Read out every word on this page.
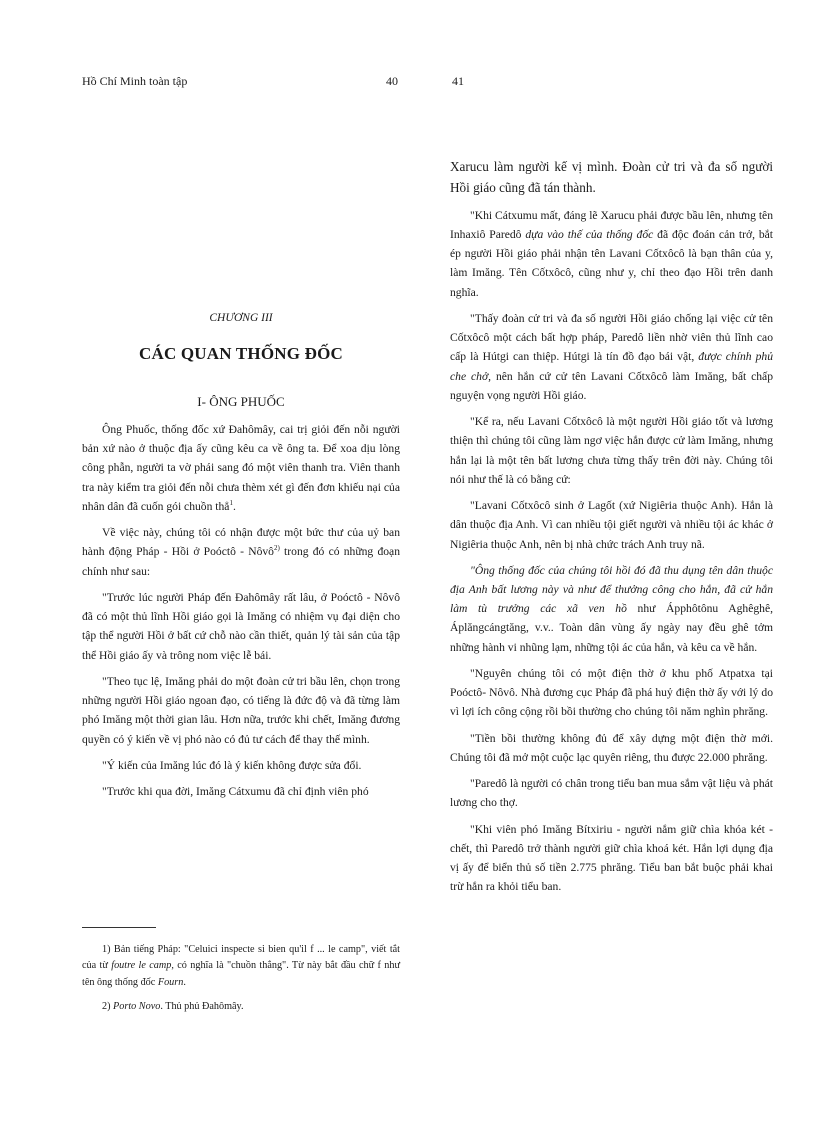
Hồ Chí Minh toàn tập	40
CHƯƠNG III
CÁC QUAN THỐNG ĐỐC
I- ÔNG PHUỐC

Ông Phuốc, thống đốc xứ Đahômây, cai trị giỏi đến nỗi người bản xứ nào ở thuộc địa ấy cũng kêu ca về ông ta. Để xoa dịu lòng công phẫn, người ta vờ phái sang đó một viên thanh tra. Viên thanh tra này kiểm tra giỏi đến nỗi chưa thèm xét gì đến đơn khiếu nại của nhân dân đã cuốn gói chuồn thẳ$^1$.

Về việc này, chúng tôi có nhận được một bức thư của uỷ ban hành động Pháp - Hồi ở Poóctô - Nôvô$^{2)}$ trong đó có những đoạn chính như sau:

"Trước lúc người Pháp đến Đahômây rất lâu, ở Poóctô - Nôvô đã có một thủ lĩnh Hồi giáo gọi là Imăng có nhiệm vụ đại diện cho tập thể người Hồi ở bất cứ chỗ nào cần thiết, quản lý tài sản của tập thể Hồi giáo ấy và trông nom việc lễ bái.

"Theo tục lệ, Imăng phải do một đoàn cử tri bầu lên, chọn trong những người Hồi giáo ngoan đạo, có tiếng là đức độ và đã từng làm phó Imăng một thời gian lâu. Hơn nữa, trước khi chết, Imăng đương quyền có ý kiến về vị phó nào có đủ tư cách để thay thế mình.

"Ý kiến của Imăng lúc đó là ý kiến không được sửa đổi.

"Trước khi qua đời, Imăng Cátxumu đã chỉ định viên phó

1) Bản tiếng Pháp: "Celuici inspecte si bien qu'il f ... le camp", viết tắt của từ foutre le camp, có nghĩa là "chuồn thẳng". Từ này bắt đầu chữ f như tên ông thống đốc Fourn.

2) Porto Novo. Thủ phủ Đahômây.

41

Xarucu làm người kế vị mình. Đoàn cử tri và đa số người Hồi giáo cũng đã tán thành.

"Khi Cátxumu mất, đáng lẽ Xarucu phải được bầu lên, nhưng tên Inhaxiô Paredô dựa vào thế của thống đốc đã độc đoán cản trở, bắt ép người Hồi giáo phải nhận tên Lavani Cốtxôcô là bạn thân của y, làm Imăng. Tên Cốtxôcô, cũng như y, chỉ theo đạo Hồi trên danh nghĩa.

"Thấy đoàn cử tri và đa số người Hồi giáo chống lại việc cử tên Cốtxôcô một cách bất hợp pháp, Paredô liền nhờ viên thủ lĩnh cao cấp là Hútgi can thiệp. Hútgi là tín đồ đạo bái vật, được chính phủ che chở, nên hắn cứ cử tên Lavani Cốtxôcô làm Imăng, bất chấp nguyện vọng người Hồi giáo.

"Kể ra, nếu Lavani Cốtxôcô là một người Hồi giáo tốt và lương thiện thì chúng tôi cũng làm ngơ việc hắn được cử làm Imăng, nhưng hắn lại là một tên bất lương chưa từng thấy trên đời này. Chúng tôi nói như thế là có bằng cứ:

"Lavani Cốtxôcô sinh ở Lagốt (xứ Nigiêria thuộc Anh). Hắn là dân thuộc địa Anh. Vì can nhiều tội giết người và nhiều tội ác khác ở Nigiêria thuộc Anh, nên bị nhà chức trách Anh truy nã.

"Ông thống đốc của chúng tôi hồi đó đã thu dụng tên dân thuộc địa Anh bất lương này và như để thưởng công cho hắn, đã cử hắn làm tù trưởng các xã ven hồ như Ápphôtônu Aghêghê, Áplăngcángtăng, v.v.. Toàn dân vùng ấy ngày nay đều ghê tởm những hành vi nhũng lạm, những tội ác của hắn, và kêu ca về hắn.

"Nguyên chúng tôi có một điện thờ ở khu phố Atpatxa tại Poóctô- Nôvô. Nhà đương cục Pháp đã phá huỷ điện thờ ấy với lý do vì lợi ích công cộng rồi bồi thường cho chúng tôi năm nghìn phrăng.

"Tiền bồi thường không đủ để xây dựng một điện thờ mới. Chúng tôi đã mở một cuộc lạc quyên riêng, thu được 22.000 phrăng.

"Paredô là người có chân trong tiểu ban mua sắm vật liệu và phát lương cho thợ.

"Khi viên phó Imăng Bítxiriu - người nắm giữ chìa khóa két - chết, thì Paredô trở thành người giữ chìa khoá két. Hắn lợi dụng địa vị ấy để biển thủ số tiền 2.775 phrăng. Tiểu ban bắt buộc phải khai trừ hắn ra khỏi tiểu ban.
